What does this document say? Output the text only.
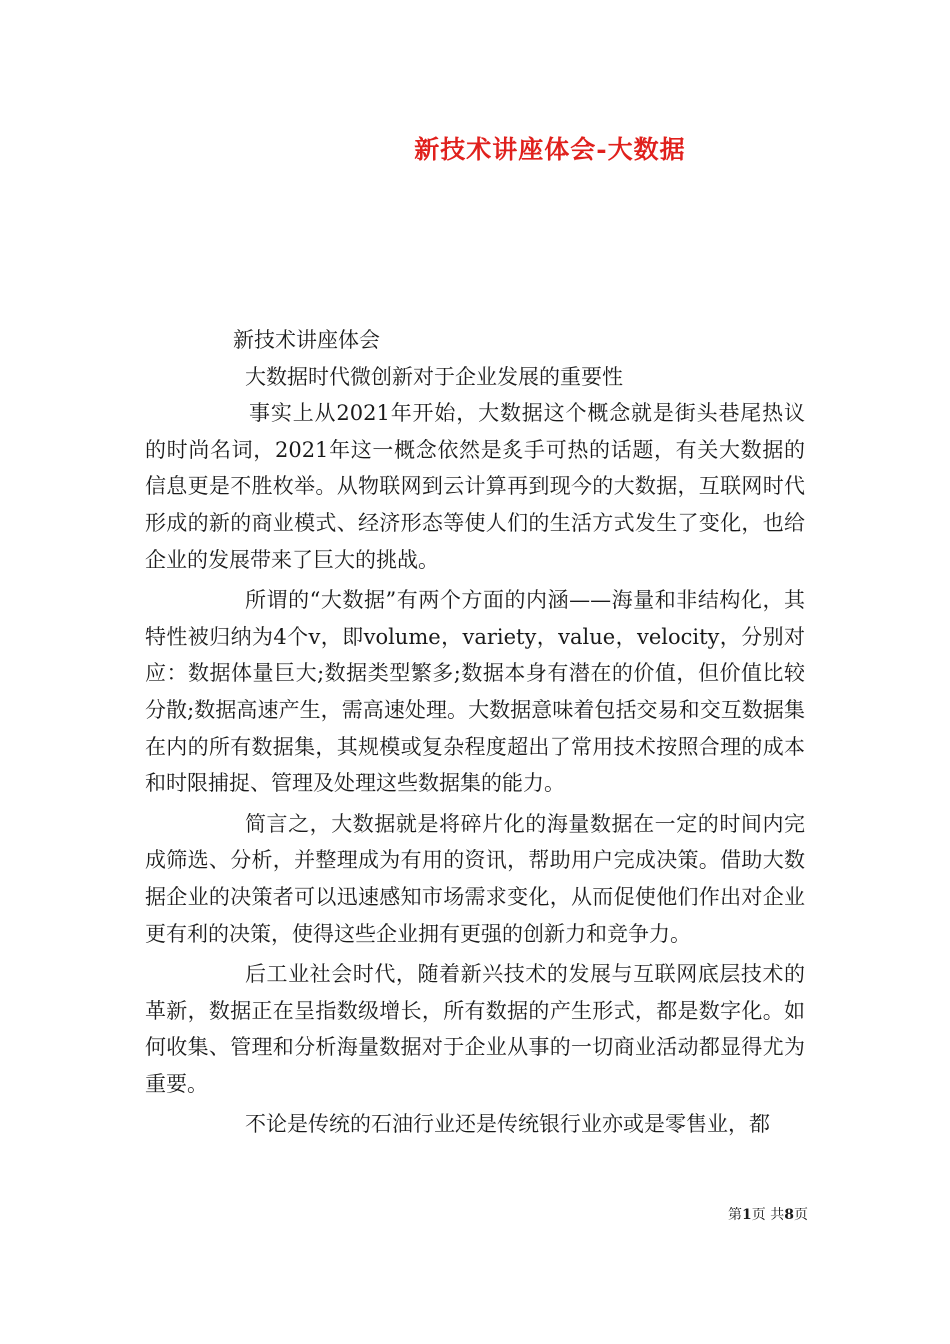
新技术讲座体会-大数据

新技术讲座体会

大数据时代微创新对于企业发展的重要性

事实上从2021年开始，大数据这个概念就是街头巷尾热议的时尚名词，2021年这一概念依然是炙手可热的话题，有关大数据的信息更是不胜枚举。从物联网到云计算再到现今的大数据，互联网时代形成的新的商业模式、经济形态等使人们的生活方式发生了变化，也给企业的发展带来了巨大的挑战。

所谓的“大数据”有两个方面的内涵——海量和非结构化，其特性被归纳为4个v，即volume，variety，value，velocity，分别对应：数据体量巨大;数据类型繁多;数据本身有潜在的价值，但价值比较分散;数据高速产生，需高速处理。大数据意味着包括交易和交互数据集在内的所有数据集，其规模或复杂程度超出了常用技术按照合理的成本和时限捕捉、管理及处理这些数据集的能力。

简言之，大数据就是将碎片化的海量数据在一定的时间内完成筛选、分析，并整理成为有用的资讯，帮助用户完成决策。借助大数据企业的决策者可以迅速感知市场需求变化，从而促使他们作出对企业更有利的决策，使得这些企业拥有更强的创新力和竞争力。

后工业社会时代，随着新兴技术的发展与互联网底层技术的革新，数据正在呈指数级增长，所有数据的产生形式，都是数字化。如何收集、管理和分析海量数据对于企业从事的一切商业活动都显得尤为重要。

不论是传统的石油行业还是传统银行业亦或是零售业，都

第1页 共8页
